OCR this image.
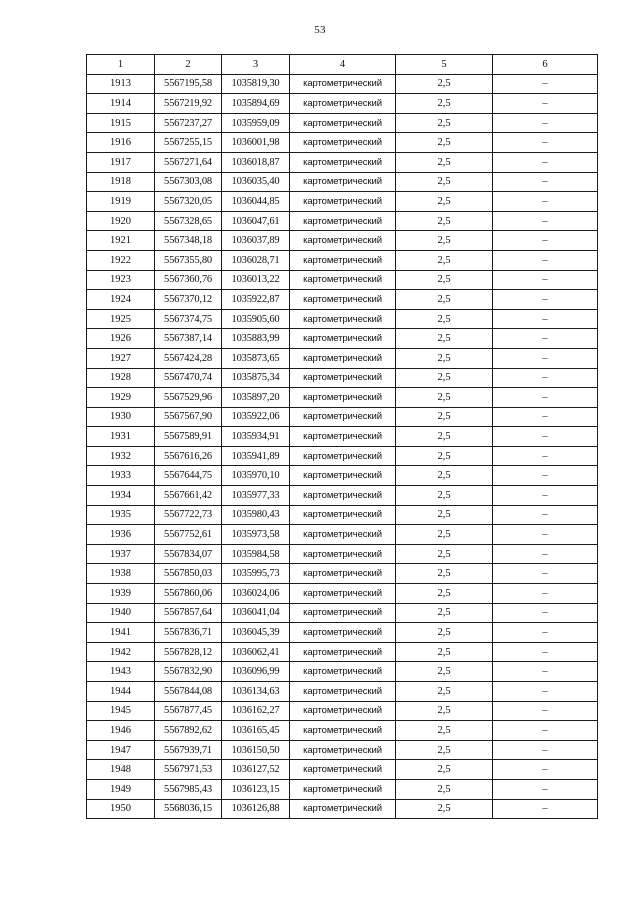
53
1	2	3	4	5	6
1913	5567195,58	1035819,30	картометрический	2,5	–
1914	5567219,92	1035894,69	картометрический	2,5	–
1915	5567237,27	1035959,09	картометрический	2,5	–
1916	5567255,15	1036001,98	картометрический	2,5	–
1917	5567271,64	1036018,87	картометрический	2,5	–
1918	5567303,08	1036035,40	картометрический	2,5	–
1919	5567320,05	1036044,85	картометрический	2,5	–
1920	5567328,65	1036047,61	картометрический	2,5	–
1921	5567348,18	1036037,89	картометрический	2,5	–
1922	5567355,80	1036028,71	картометрический	2,5	–
1923	5567360,76	1036013,22	картометрический	2,5	–
1924	5567370,12	1035922,87	картометрический	2,5	–
1925	5567374,75	1035905,60	картометрический	2,5	–
1926	5567387,14	1035883,99	картометрический	2,5	–
1927	5567424,28	1035873,65	картометрический	2,5	–
1928	5567470,74	1035875,34	картометрический	2,5	–
1929	5567529,96	1035897,20	картометрический	2,5	–
1930	5567567,90	1035922,06	картометрический	2,5	–
1931	5567589,91	1035934,91	картометрический	2,5	–
1932	5567616,26	1035941,89	картометрический	2,5	–
1933	5567644,75	1035970,10	картометрический	2,5	–
1934	5567661,42	1035977,33	картометрический	2,5	–
1935	5567722,73	1035980,43	картометрический	2,5	–
1936	5567752,61	1035973,58	картометрический	2,5	–
1937	5567834,07	1035984,58	картометрический	2,5	–
1938	5567850,03	1035995,73	картометрический	2,5	–
1939	5567860,06	1036024,06	картометрический	2,5	–
1940	5567857,64	1036041,04	картометрический	2,5	–
1941	5567836,71	1036045,39	картометрический	2,5	–
1942	5567828,12	1036062,41	картометрический	2,5	–
1943	5567832,90	1036096,99	картометрический	2,5	–
1944	5567844,08	1036134,63	картометрический	2,5	–
1945	5567877,45	1036162,27	картометрический	2,5	–
1946	5567892,62	1036165,45	картометрический	2,5	–
1947	5567939,71	1036150,50	картометрический	2,5	–
1948	5567971,53	1036127,52	картометрический	2,5	–
1949	5567985,43	1036123,15	картометрический	2,5	–
1950	5568036,15	1036126,88	картометрический	2,5	–
